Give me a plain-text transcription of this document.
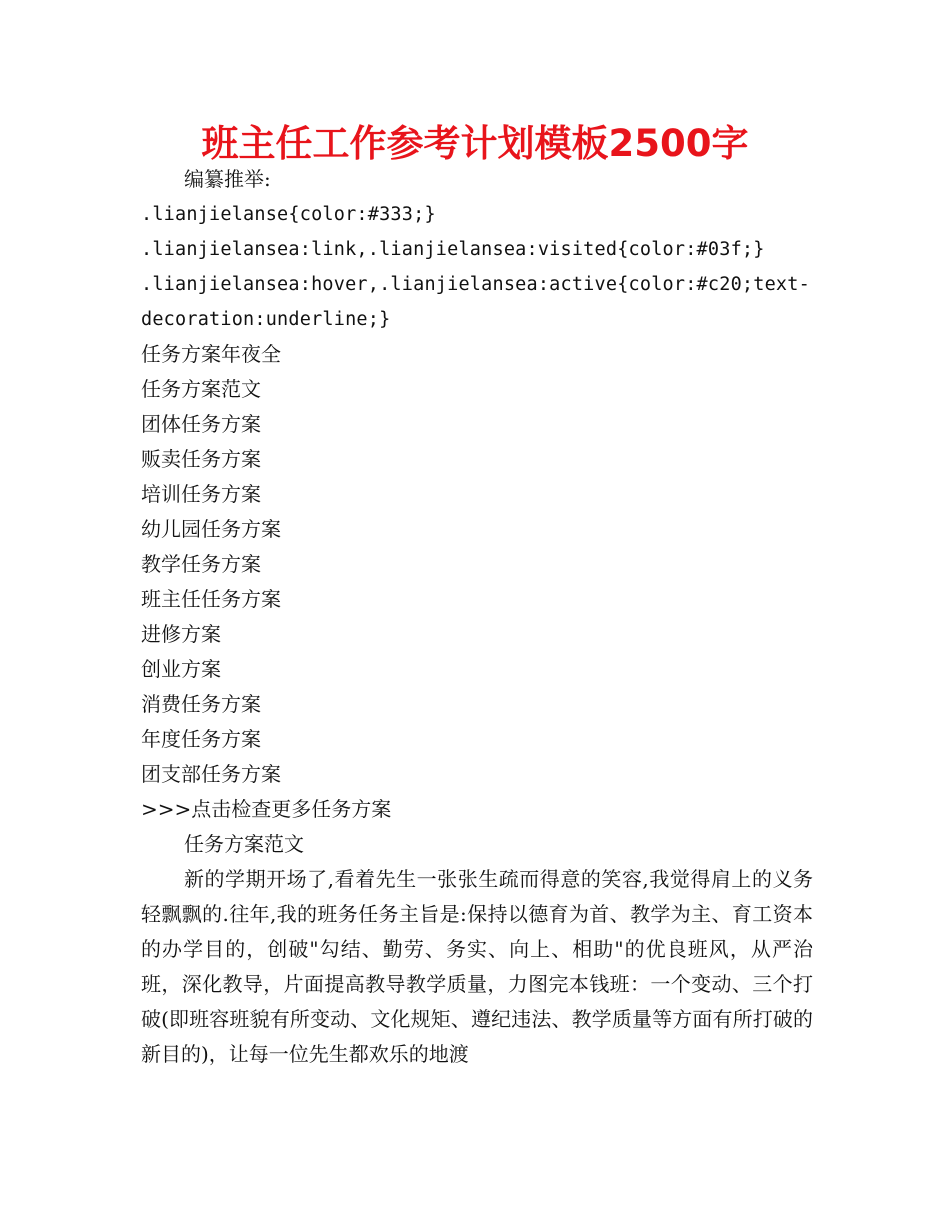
班主任工作参考计划模板2500字
编纂推举:
.lianjielanse{color:#333;}
.lianjielansea:link,.lianjielansea:visited{color:#03f;}
.lianjielansea:hover,.lianjielansea:active{color:#c20;text-
decoration:underline;}
任务方案年夜全
任务方案范文
团体任务方案
贩卖任务方案
培训任务方案
幼儿园任务方案
教学任务方案
班主任任务方案
进修方案
创业方案
消费任务方案
年度任务方案
团支部任务方案
>>>点击检查更多任务方案
任务方案范文

新的学期开场了,看着先生一张张生疏而得意的笑容,我觉得肩上的义务轻飘飘的.往年,我的班务任务主旨是:保持以德育为首、教学为主、育工资本的办学目的，创破"勾结、勤劳、务实、向上、相助"的优良班风，从严治班，深化教导，片面提高教导教学质量，力图完本钱班：一个变动、三个打破(即班容班貌有所变动、文化规矩、遵纪违法、教学质量等方面有所打破的新目的)，让每一位先生都欢乐的地渡
